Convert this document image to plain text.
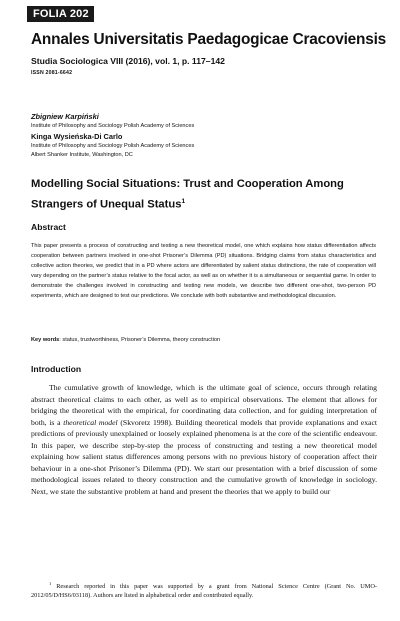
FOLIA 202
Annales Universitatis Paedagogicae Cracoviensis
Studia Sociologica VIII (2016), vol. 1, p. 117–142
ISSN 2081-6642
Zbigniew Karpiński
Institute of Philosophy and Sociology Polish Academy of Sciences
Kinga Wysieńska-Di Carlo
Institute of Philosophy and Sociology Polish Academy of Sciences
Albert Shanker Institute, Washington, DC
Modelling Social Situations: Trust and Cooperation Among Strangers of Unequal Status$^1$
Abstract
This paper presents a process of constructing and testing a new theoretical model, one which explains how status differentiation affects cooperation between partners involved in one-shot Prisoner’s Dilemma (PD) situations. Bridging claims from status characteristics and collective action theories, we predict that in a PD where actors are differentiated by salient status distinctions, the rate of cooperation will vary depending on the partner’s status relative to the focal actor, as well as on whether it is a simultaneous or sequential game. In order to demonstrate the challenges involved in constructing and testing new models, we describe two different one-shot, two-person PD experiments, which are designed to test our predictions. We conclude with both substantive and methodological discussion.
Key words: status, trustworthiness, Prisoner’s Dilemma, theory construction
Introduction

The cumulative growth of knowledge, which is the ultimate goal of science, occurs through relating abstract theoretical claims to each other, as well as to empirical observations. The element that allows for bridging the theoretical with the empirical, for coordinating data collection, and for guiding interpretation of both, is a theoretical model (Skvoretz 1998). Building theoretical models that provide explanations and exact predictions of previously unexplained or loosely explained phenomena is at the core of the scientific endeavour. In this paper, we describe step-by-step the process of constructing and testing a new theoretical model explaining how salient status differences among persons with no previous history of cooperation affect their behaviour in a one-shot Prisoner’s Dilemma (PD). We start our presentation with a brief discussion of some methodological issues related to theory construction and the cumulative growth of knowledge in sociology. Next, we state the substantive problem at hand and present the theories that we apply to build our

$^1$ Research reported in this paper was supported by a grant from National Science Centre (Grant No. UMO-2012/05/D/HS6/03118). Authors are listed in alphabetical order and contributed equally.
